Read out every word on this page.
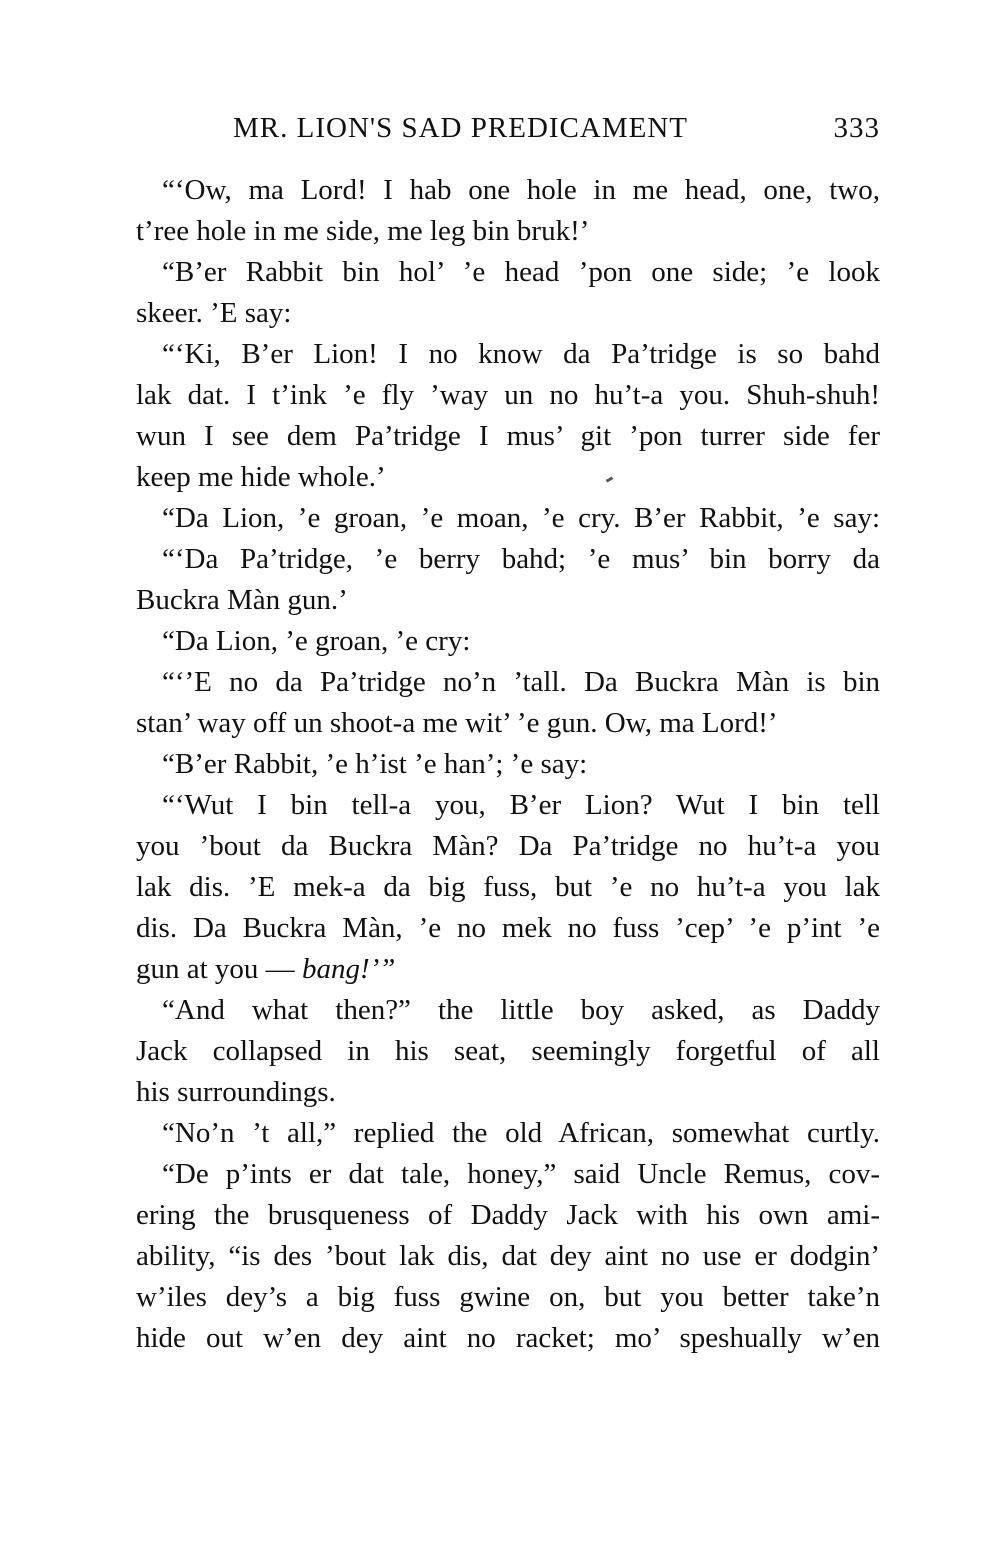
MR. LION'S SAD PREDICAMENT	333
“‘Ow, ma Lord! I hab one hole in me head, one, two,
t’ree hole in me side, me leg bin bruk!’
“B’er Rabbit bin hol’ ’e head ’pon one side; ’e look
skeer. ’E say:
“‘Ki, B’er Lion! I no know da Pa’tridge is so bahd
lak dat. I t’ink ’e fly ’way un no hu’t-a you. Shuh-shuh!
wun I see dem Pa’tridge I mus’ git ’pon turrer side fer
keep me hide whole.’
“Da Lion, ’e groan, ’e moan, ’e cry. B’er Rabbit, ’e say:
“‘Da Pa’tridge, ’e berry bahd; ’e mus’ bin borry da
Buckra Màn gun.’
“Da Lion, ’e groan, ’e cry:
“‘’E no da Pa’tridge no’n ’tall. Da Buckra Màn is bin
stan’ way off un shoot-a me wit’ ’e gun. Ow, ma Lord!’
“B’er Rabbit, ’e h’ist ’e han’; ’e say:
“‘Wut I bin tell-a you, B’er Lion? Wut I bin tell
you ’bout da Buckra Màn? Da Pa’tridge no hu’t-a you
lak dis. ’E mek-a da big fuss, but ’e no hu’t-a you lak
dis. Da Buckra Màn, ’e no mek no fuss ’cep’ ’e p’int ’e
gun at you — bang!’”
“And what then?” the little boy asked, as Daddy
Jack collapsed in his seat, seemingly forgetful of all
his surroundings.
“No’n ’t all,” replied the old African, somewhat curtly.
“De p’ints er dat tale, honey,” said Uncle Remus, cov-
ering the brusqueness of Daddy Jack with his own ami-
ability, “is des ’bout lak dis, dat dey aint no use er dodgin’
w’iles dey’s a big fuss gwine on, but you better take’n
hide out w’en dey aint no racket; mo’ speshually w’en
